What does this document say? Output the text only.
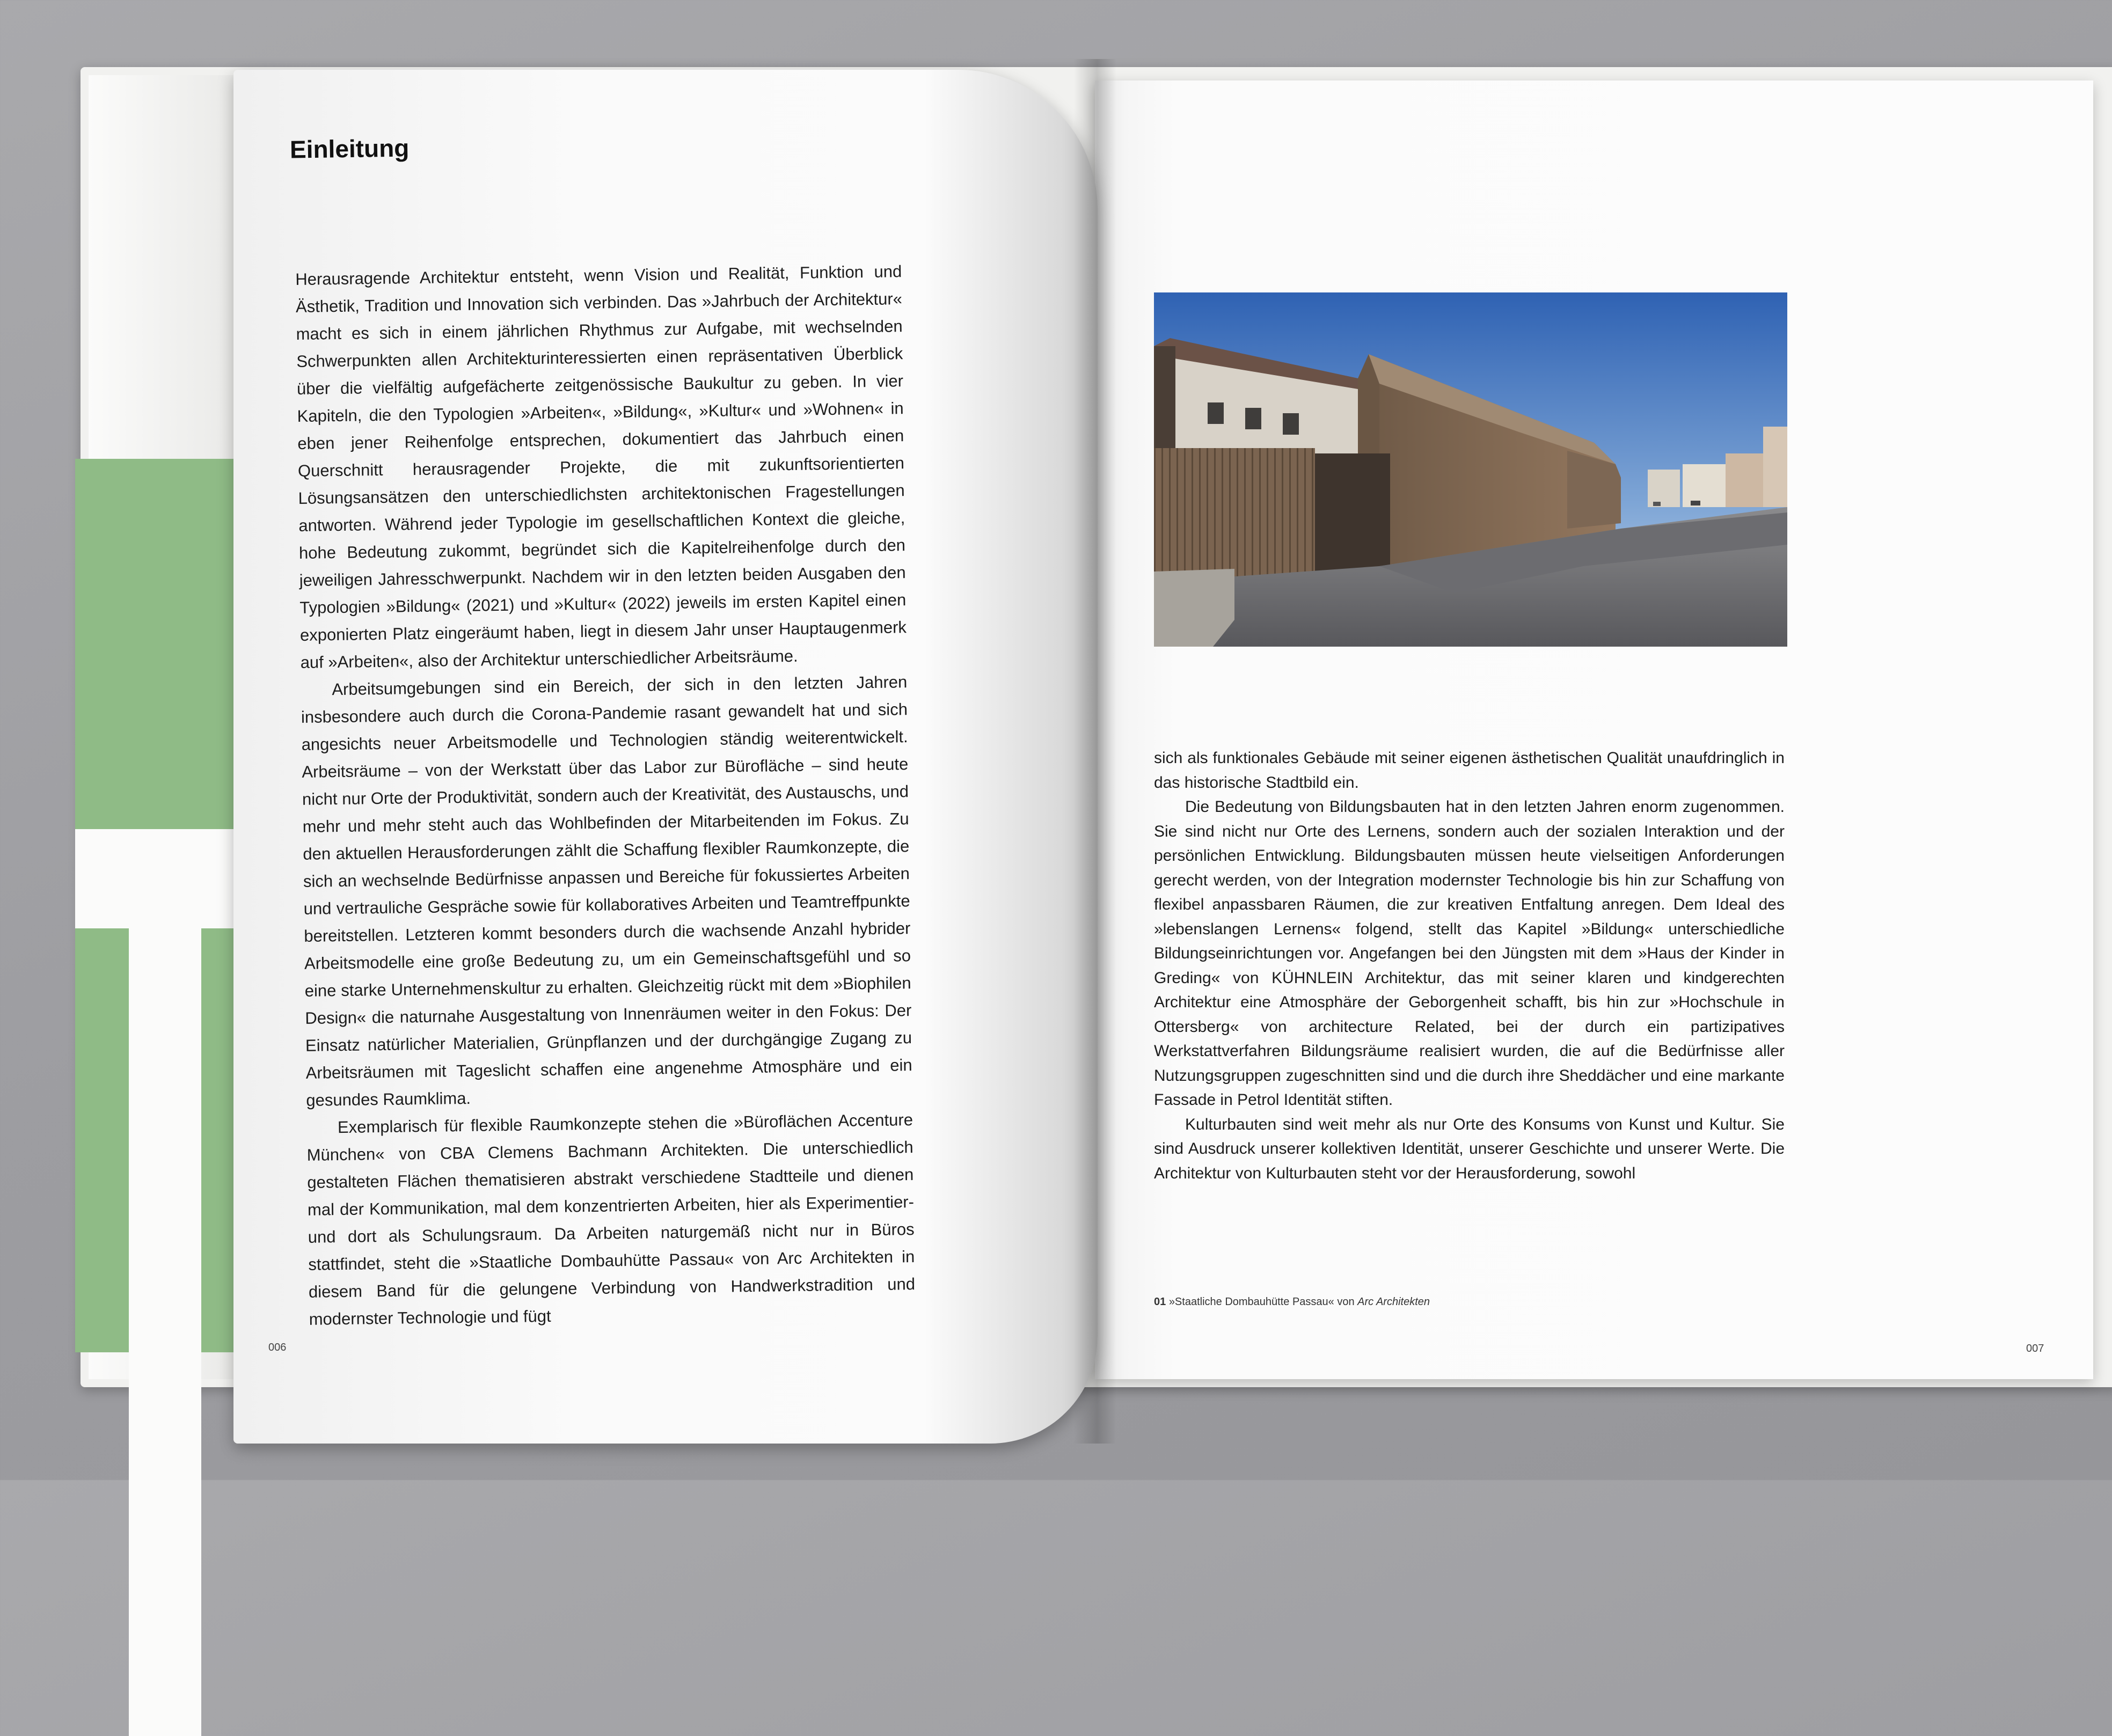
Einleitung

Herausragende Architektur entsteht, wenn Vision und Realität, Funktion und Ästhetik, Tradition und Innovation sich verbinden. Das »Jahrbuch der Architektur« macht es sich in einem jährlichen Rhythmus zur Aufgabe, mit wechselnden Schwerpunkten allen Architekturinteressierten einen repräsentativen Überblick über die vielfältig aufgefächerte zeitgenössische Baukultur zu geben. In vier Kapiteln, die den Typologien »Arbeiten«, »Bildung«, »Kultur« und »Wohnen« in eben jener Reihenfolge entsprechen, dokumentiert das Jahrbuch einen Querschnitt herausragender Projekte, die mit zukunftsorientierten Lösungsansätzen den unterschiedlichsten architektonischen Fragestellungen antworten. Während jeder Typologie im gesellschaftlichen Kontext die gleiche, hohe Bedeutung zukommt, begründet sich die Kapitelreihenfolge durch den jeweiligen Jahresschwerpunkt. Nachdem wir in den letzten beiden Ausgaben den Typologien »Bildung« (2021) und »Kultur« (2022) jeweils im ersten Kapitel einen exponierten Platz eingeräumt haben, liegt in diesem Jahr unser Hauptaugenmerk auf »Arbeiten«, also der Architektur unterschiedlicher Arbeitsräume.

Arbeitsumgebungen sind ein Bereich, der sich in den letzten Jahren insbesondere auch durch die Corona-Pandemie rasant gewandelt hat und sich angesichts neuer Arbeitsmodelle und Technologien ständig weiterentwickelt. Arbeitsräume – von der Werkstatt über das Labor zur Bürofläche – sind heute nicht nur Orte der Produktivität, sondern auch der Kreativität, des Austauschs, und mehr und mehr steht auch das Wohlbefinden der Mitarbeitenden im Fokus. Zu den aktuellen Herausforderungen zählt die Schaffung flexibler Raumkonzepte, die sich an wechselnde Bedürfnisse anpassen und Bereiche für fokussiertes Arbeiten und vertrauliche Gespräche sowie für kollaboratives Arbeiten und Teamtreffpunkte bereitstellen. Letzteren kommt besonders durch die wachsende Anzahl hybrider Arbeitsmodelle eine große Bedeutung zu, um ein Gemeinschaftsgefühl und so eine starke Unternehmenskultur zu erhalten. Gleichzeitig rückt mit dem »Biophilen Design« die naturnahe Ausgestaltung von Innenräumen weiter in den Fokus: Der Einsatz natürlicher Materialien, Grünpflanzen und der durchgängige Zugang zu Arbeitsräumen mit Tageslicht schaffen eine angenehme Atmosphäre und ein gesundes Raumklima.

Exemplarisch für flexible Raumkonzepte stehen die »Büroflächen Accenture München« von CBA Clemens Bachmann Architekten. Die unterschiedlich gestalteten Flächen thematisieren abstrakt verschiedene Stadtteile und dienen mal der Kommunikation, mal dem konzentrierten Arbeiten, hier als Experimentier- und dort als Schulungsraum. Da Arbeiten naturgemäß nicht nur in Büros stattfindet, steht die »Staatliche Dombauhütte Passau« von Arc Architekten in diesem Band für die gelungene Verbindung von Handwerkstradition und modernster Technologie und fügt

006

sich als funktionales Gebäude mit seiner eigenen ästhetischen Qualität unaufdringlich in das historische Stadtbild ein.

Die Bedeutung von Bildungsbauten hat in den letzten Jahren enorm zugenommen. Sie sind nicht nur Orte des Lernens, sondern auch der sozialen Interaktion und der persönlichen Entwicklung. Bildungsbauten müssen heute vielseitigen Anforderungen gerecht werden, von der Integration modernster Technologie bis hin zur Schaffung von flexibel anpassbaren Räumen, die zur kreativen Entfaltung anregen. Dem Ideal des »lebenslangen Lernens« folgend, stellt das Kapitel »Bildung« unterschiedliche Bildungseinrichtungen vor. Angefangen bei den Jüngsten mit dem »Haus der Kinder in Greding« von KÜHNLEIN Architektur, das mit seiner klaren und kindgerechten Architektur eine Atmosphäre der Geborgenheit schafft, bis hin zur »Hochschule in Ottersberg« von architecture Related, bei der durch ein partizipatives Werkstattverfahren Bildungsräume realisiert wurden, die auf die Bedürfnisse aller Nutzungsgruppen zugeschnitten sind und die durch ihre Sheddächer und eine markante Fassade in Petrol Identität stiften.

Kulturbauten sind weit mehr als nur Orte des Konsums von Kunst und Kultur. Sie sind Ausdruck unserer kollektiven Identität, unserer Geschichte und unserer Werte. Die Architektur von Kulturbauten steht vor der Herausforderung, sowohl

01 »Staatliche Dombauhütte Passau« von Arc Architekten
007
